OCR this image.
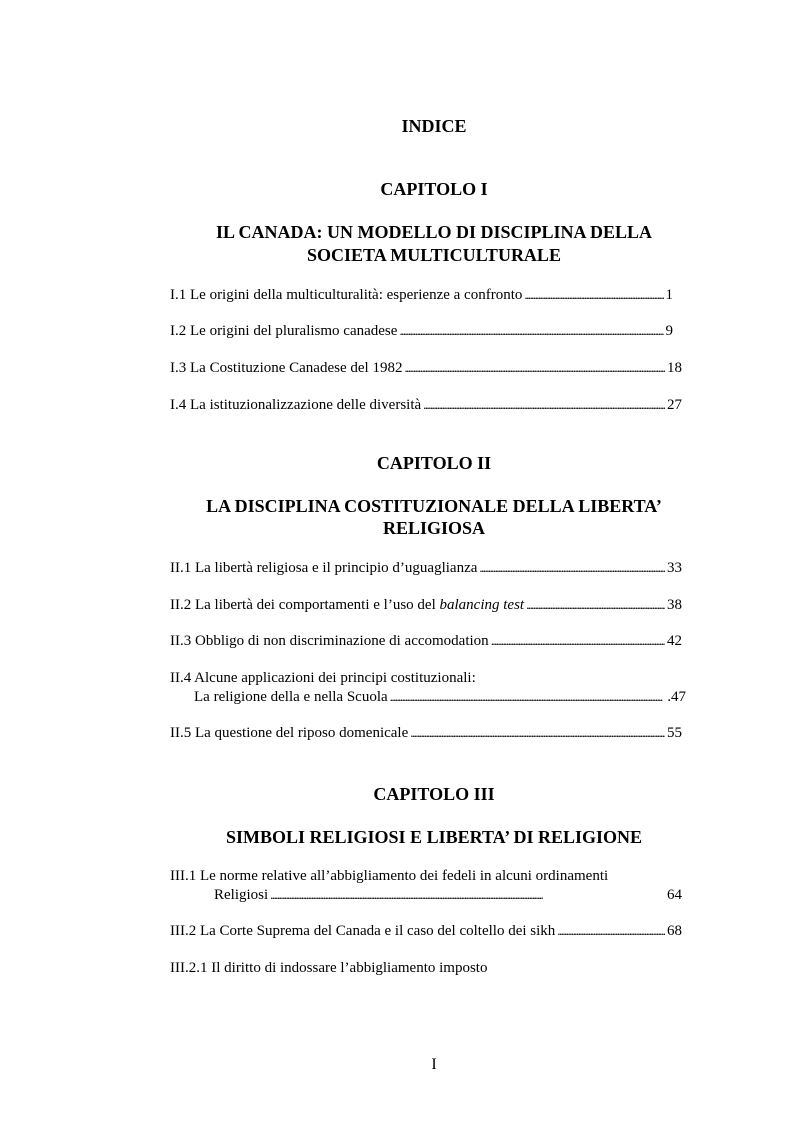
INDICE
CAPITOLO I
IL CANADA: UN MODELLO DI DISCIPLINA DELLA
SOCIETA MULTICULTURALE
I.1 Le origini della multiculturalità: esperienze a confronto . . .	1
I.2 Le origini del pluralismo canadese . . .	9
I.3 La Costituzione Canadese del 1982 . . .	18
I.4 La istituzionalizzazione delle diversità . . .	27
CAPITOLO II
LA DISCIPLINA COSTITUZIONALE DELLA LIBERTA’
RELIGIOSA
II.1 La libertà religiosa e il principio d’uguaglianza . . .	33
II.2 La libertà dei comportamenti e l’uso del balancing test . . .	38
II.3 Obbligo di non discriminazione di accomodation . . .	42
II.4 Alcune applicazioni dei principi costituzionali:
La religione della e nella Scuola . . .	.47
II.5 La questione del riposo domenicale . . .	55
CAPITOLO III
SIMBOLI RELIGIOSI E LIBERTA’ DI RELIGIONE
III.1 Le norme relative all’abbigliamento dei fedeli in alcuni ordinamenti
Religiosi . . .	64
III.2 La Corte Suprema del Canada e il caso del coltello dei sikh . . .	68
III.2.1 Il diritto di indossare l’abbigliamento imposto
I
